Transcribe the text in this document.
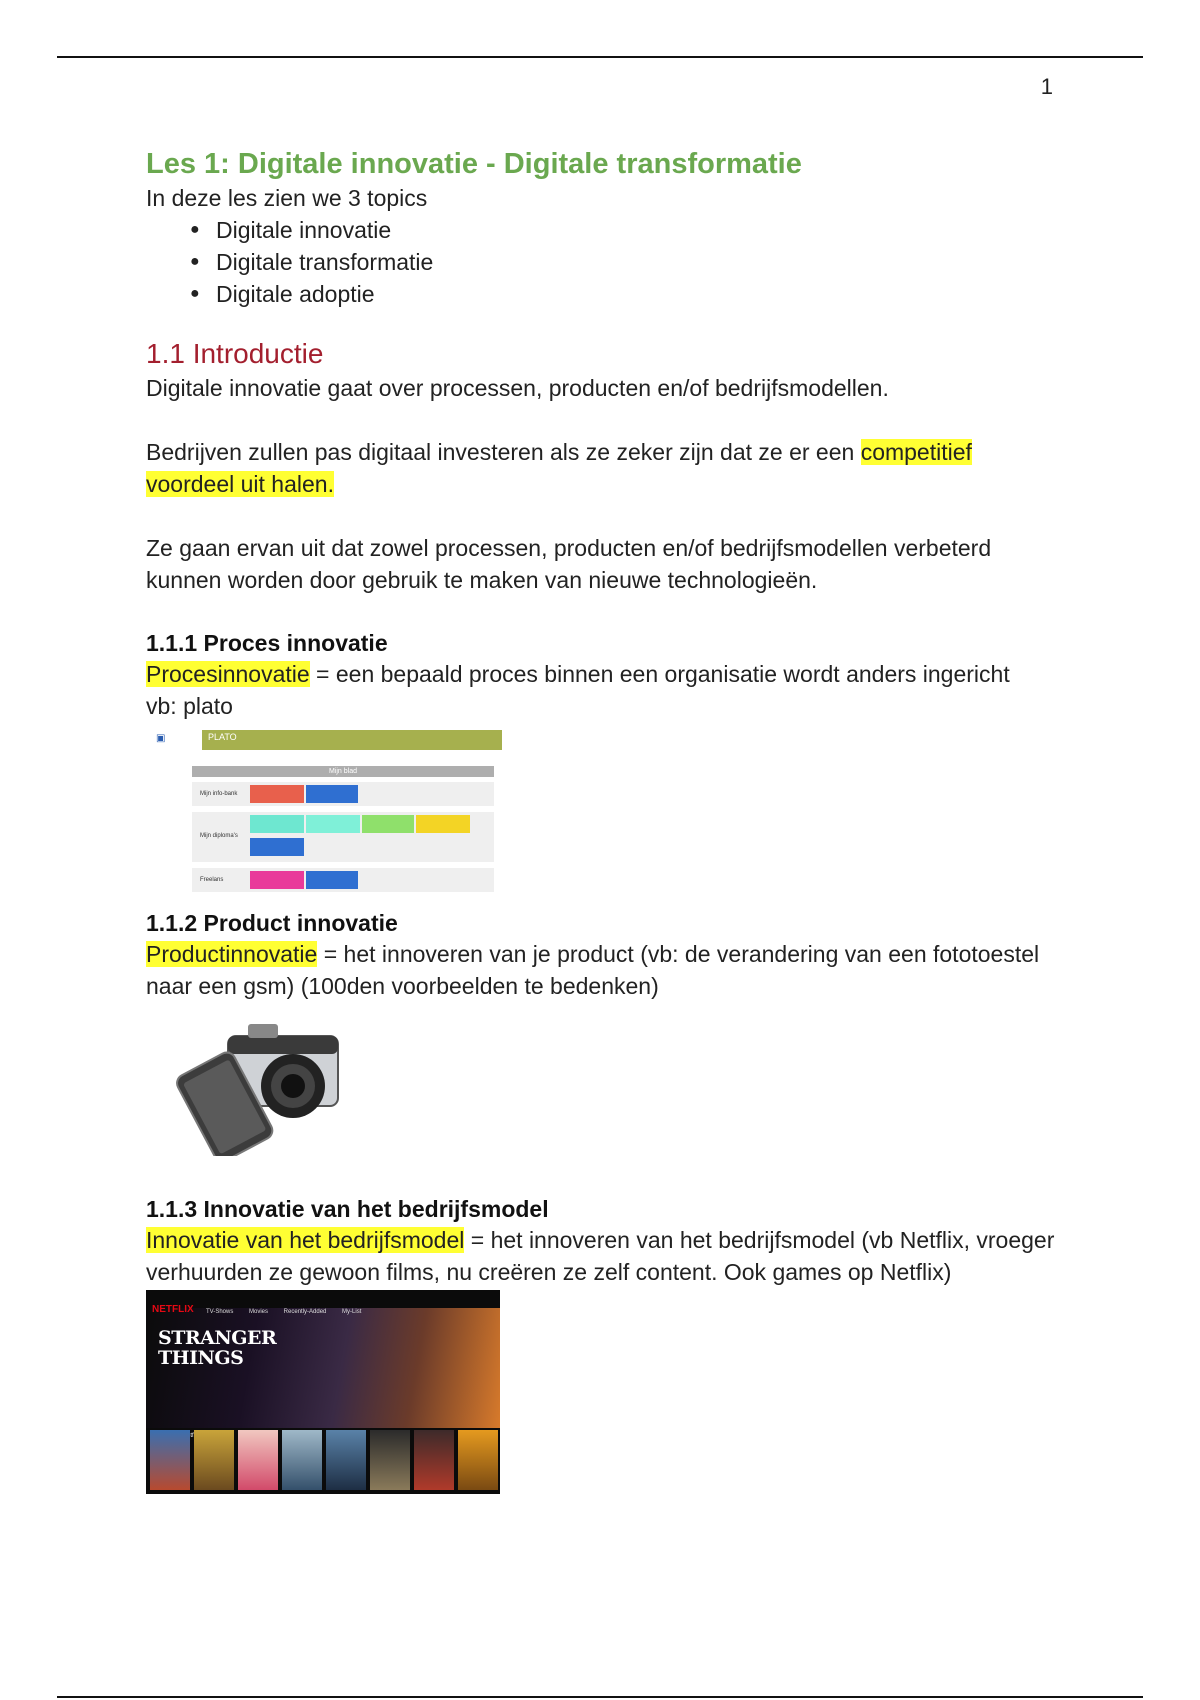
1
Les 1: Digitale innovatie - Digitale transformatie

In deze les zien we 3 topics

● Digitale innovatie
● Digitale transformatie
● Digitale adoptie
1.1 Introductie

Digitale innovatie gaat over processen, producten en/of bedrijfsmodellen.

Bedrijven zullen pas digitaal investeren als ze zeker zijn dat ze er een competitief voordeel uit halen.

Ze gaan ervan uit dat zowel processen, producten en/of bedrijfsmodellen verbeterd kunnen worden door gebruik te maken van nieuwe technologieën.

1.1.1 Proces innovatie

Procesinnovatie = een bepaald proces binnen een organisatie wordt anders ingericht

vb: plato

▣	PLATO
Mijn blad
Mijn info-bank
Mijn diploma's
Freelans
1.1.2 Product innovatie

Productinnovatie = het innoveren van je product (vb: de verandering van een fototoestel naar een gsm) (100den voorbeelden te bedenken)

1.1.3 Innovatie van het bedrijfsmodel

Innovatie van het bedrijfsmodel = het innoveren van het bedrijfsmodel (vb Netflix, vroeger verhuurden ze gewoon films, nu creëren ze zelf content. Ook games op Netflix)

NETFLIX TV-Shows Movies Recently-Added My-List
STRANGER THINGS
Netflix
